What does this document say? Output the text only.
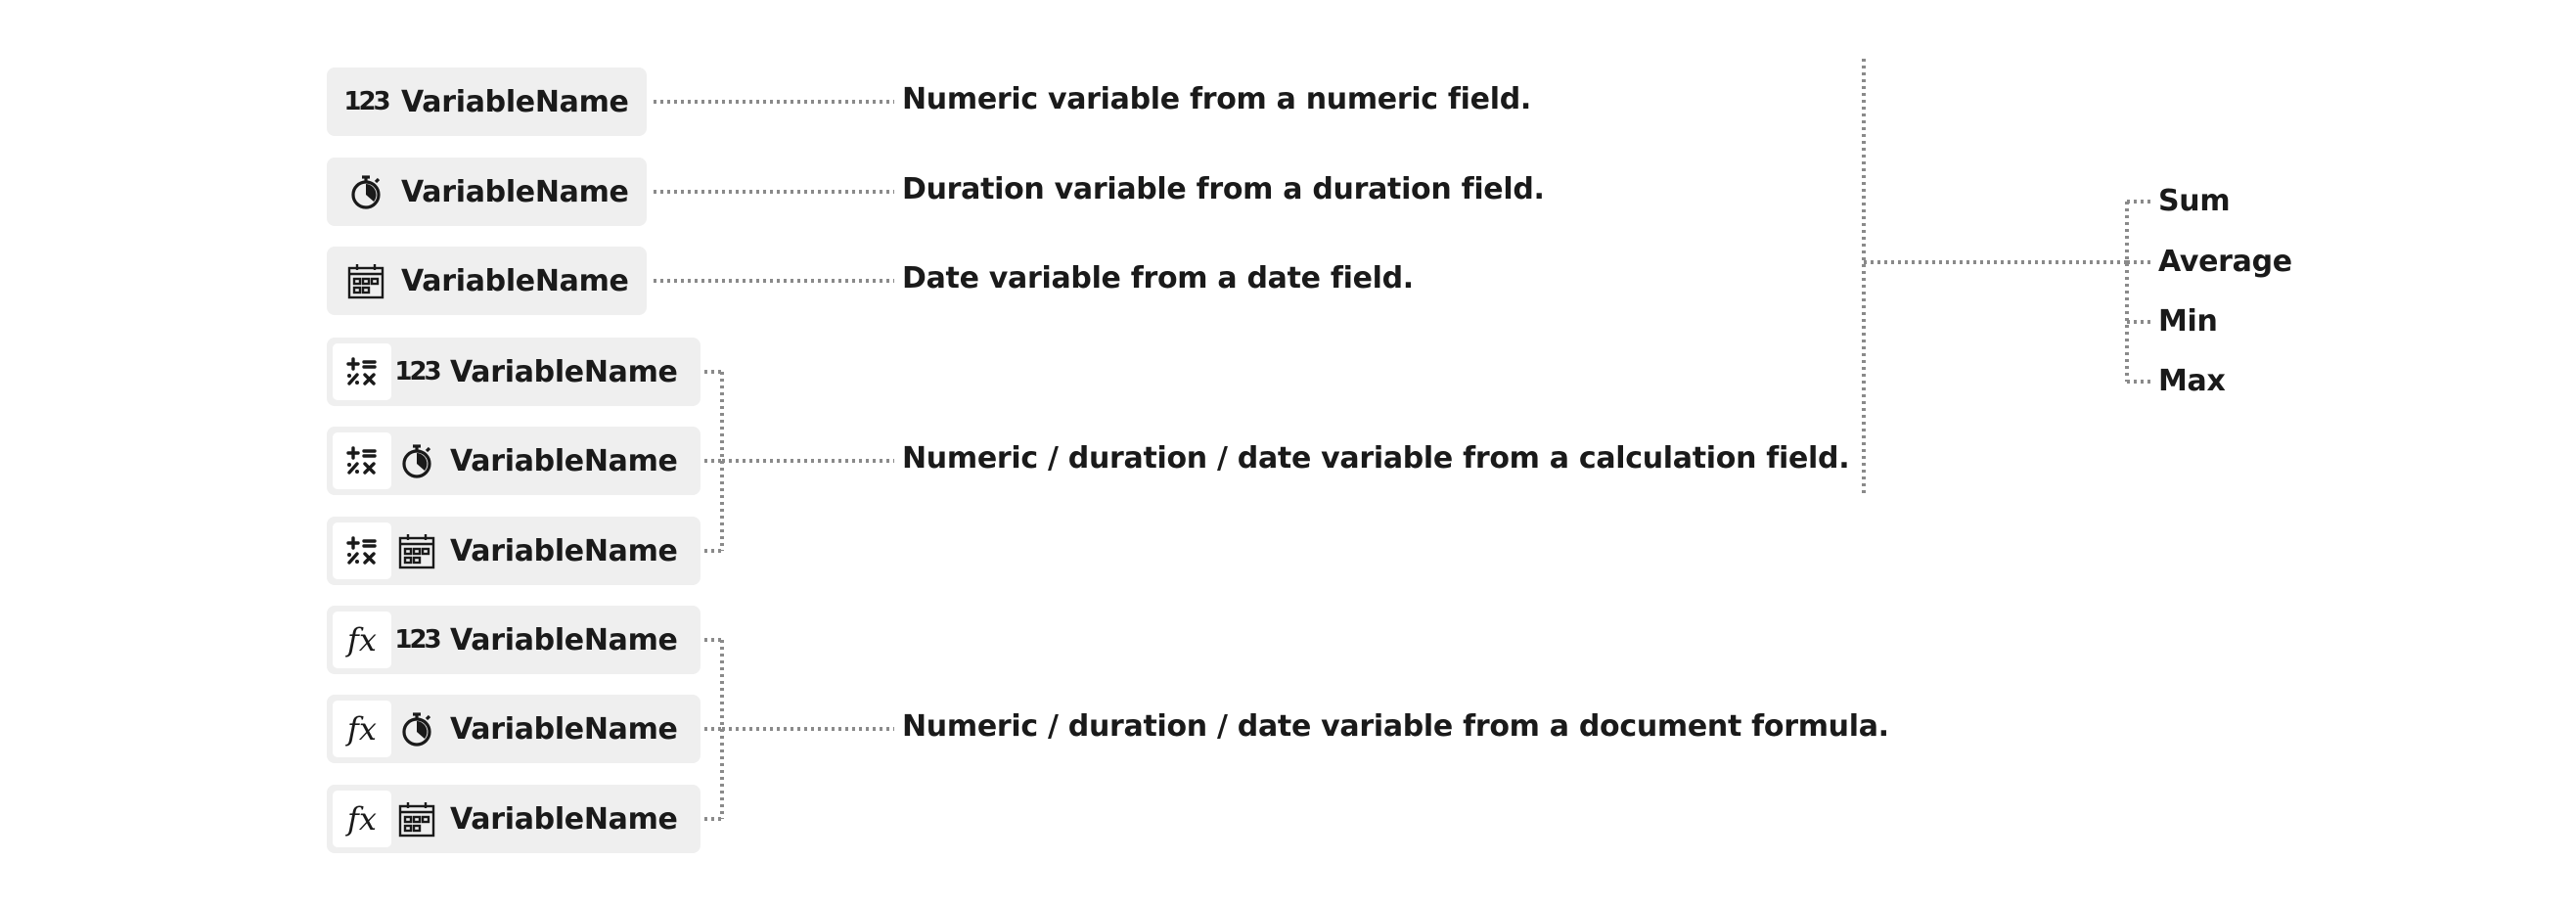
123 VariableName
VariableName
VariableName
123 VariableName
VariableName
VariableName
fx 123 VariableName
fx	VariableName
fx	VariableName
Numeric variable from a numeric field.
Duration variable from a duration field.
Date variable from a date field.
Numeric / duration / date variable from a calculation field.
Numeric / duration / date variable from a document formula.
Sum
Average
Min
Max
